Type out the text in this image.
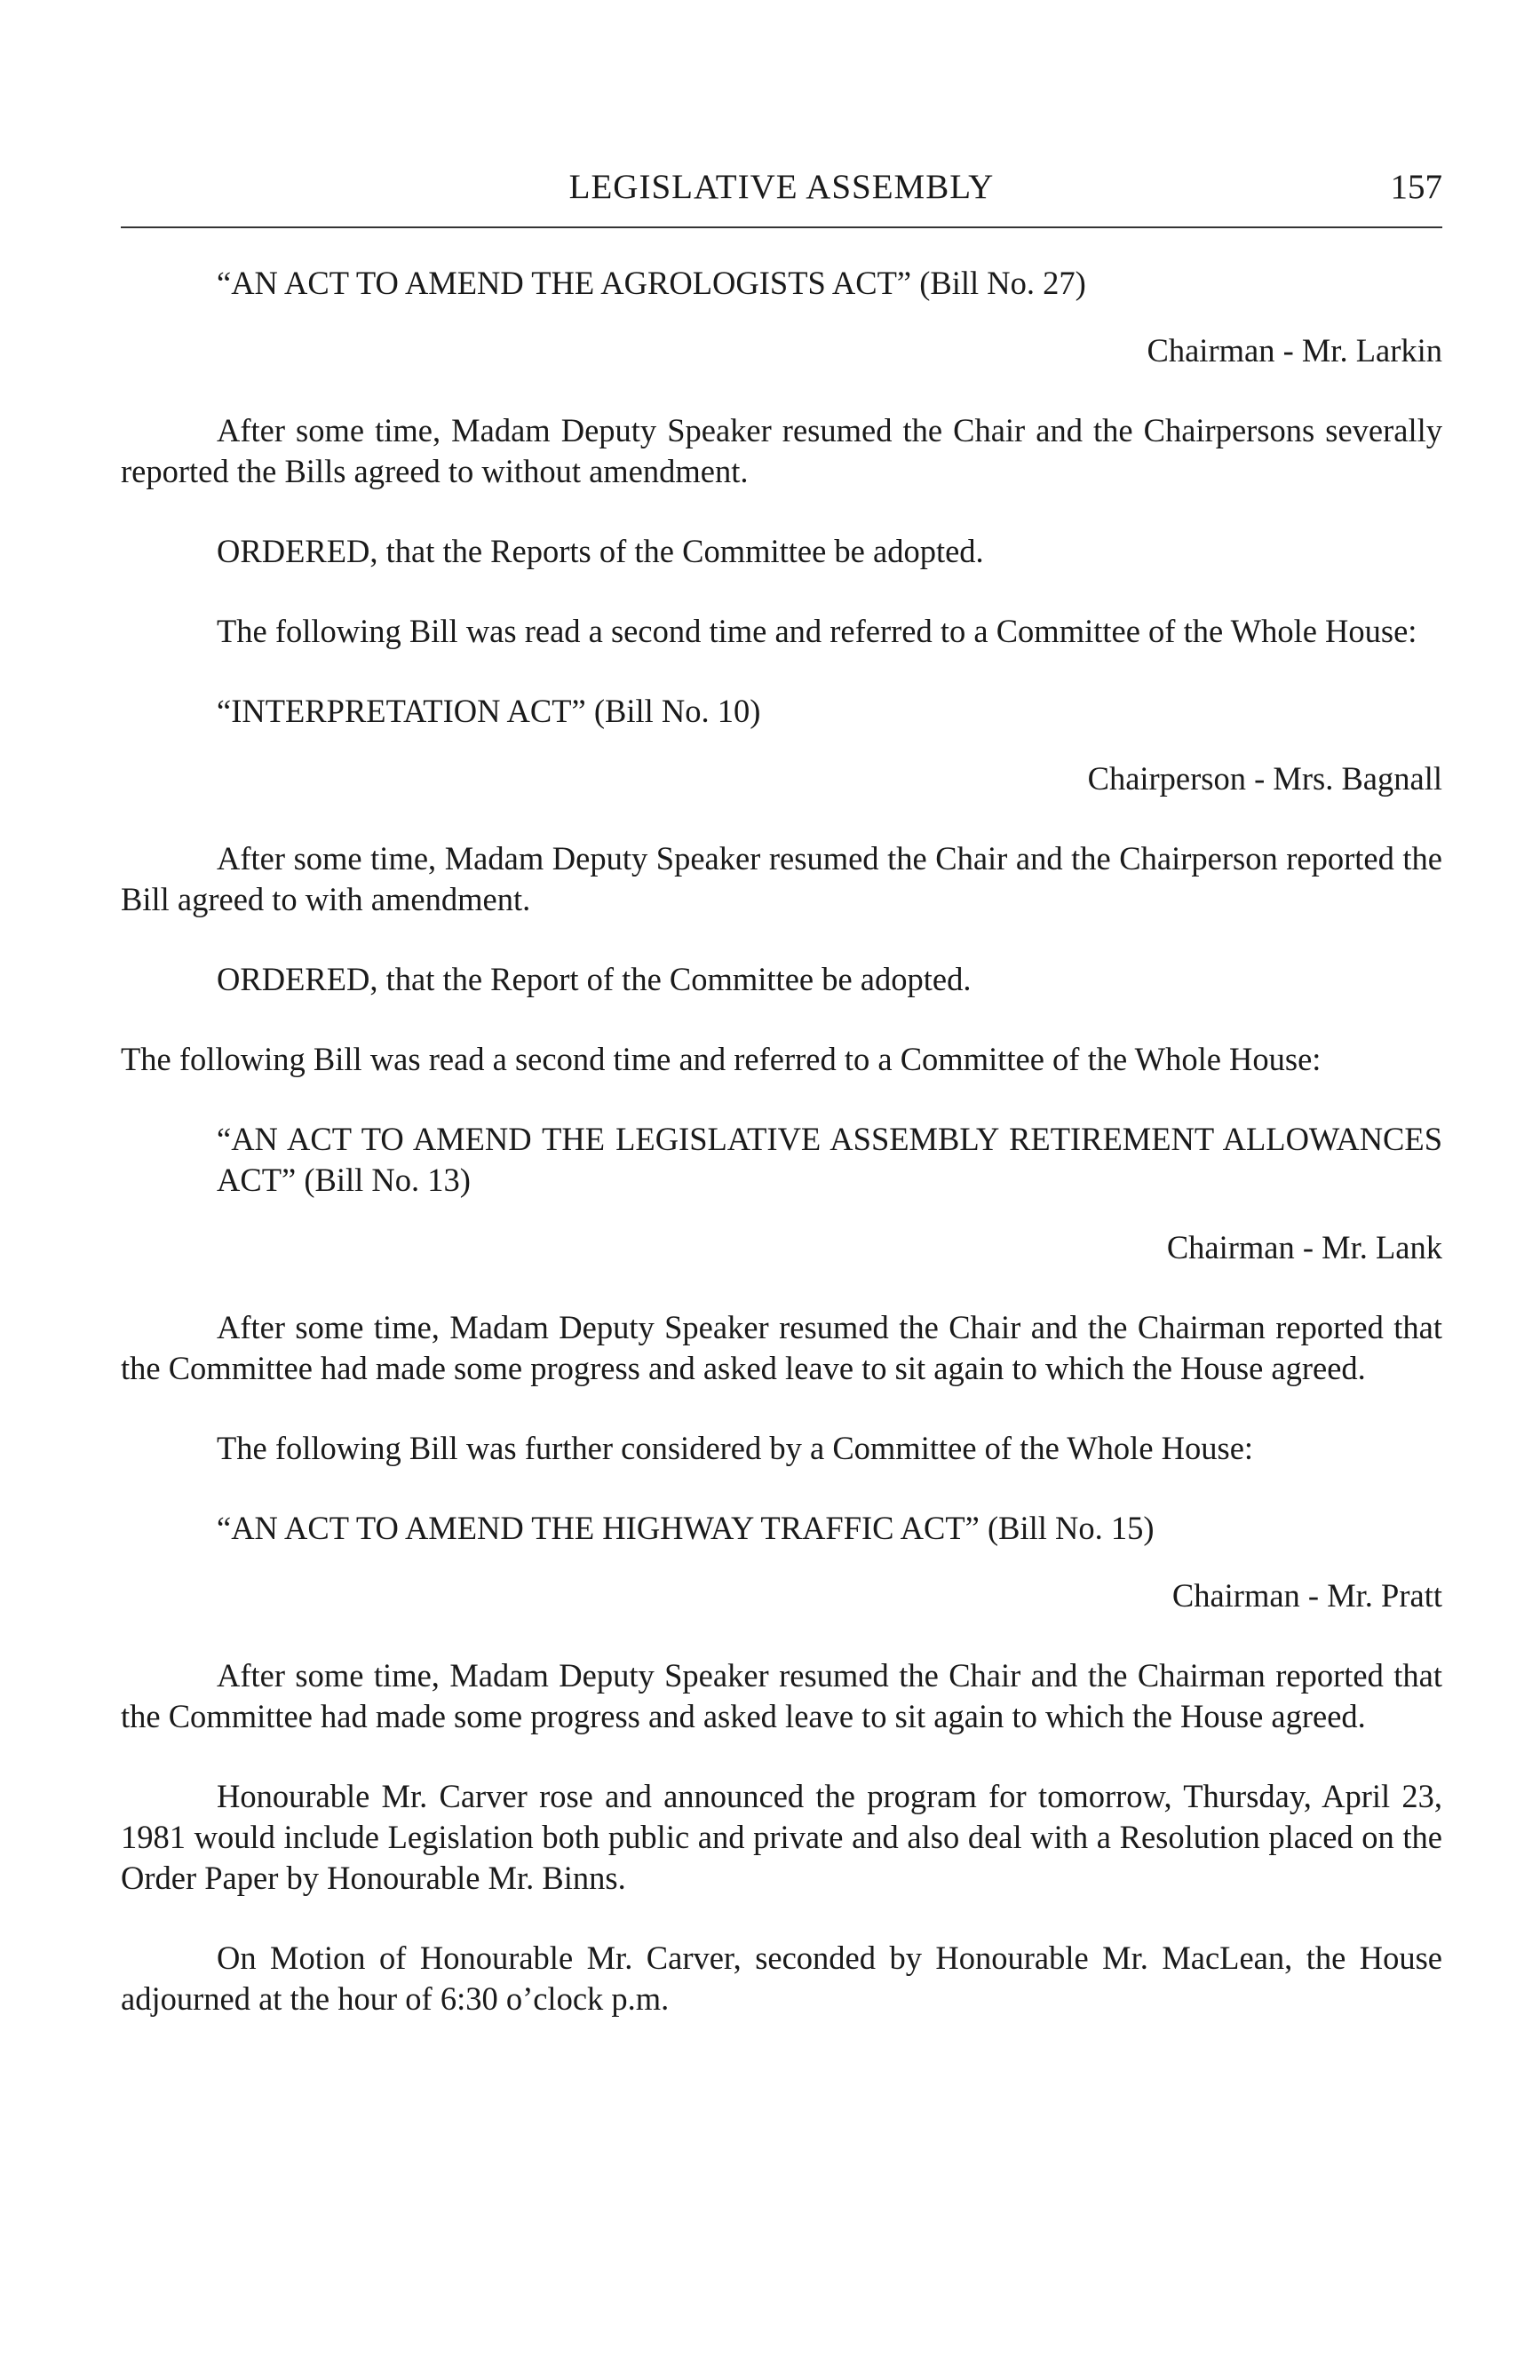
LEGISLATIVE ASSEMBLY	157

“AN ACT TO AMEND THE AGROLOGISTS ACT” (Bill No. 27)

Chairman - Mr. Larkin

After some time, Madam Deputy Speaker resumed the Chair and the Chairpersons severally reported the Bills agreed to without amendment.

ORDERED, that the Reports of the Committee be adopted.

The following Bill was read a second time and referred to a Committee of the Whole House:

“INTERPRETATION ACT” (Bill No. 10)

Chairperson - Mrs. Bagnall

After some time, Madam Deputy Speaker resumed the Chair and the Chairperson reported the Bill agreed to with amendment.

ORDERED, that the Report of the Committee be adopted.

The following Bill was read a second time and referred to a Committee of the Whole House:

“AN ACT TO AMEND THE LEGISLATIVE ASSEMBLY RETIREMENT ALLOWANCES ACT” (Bill No. 13)

Chairman - Mr. Lank

After some time, Madam Deputy Speaker resumed the Chair and the Chairman reported that the Committee had made some progress and asked leave to sit again to which the House agreed.

The following Bill was further considered by a Committee of the Whole House:

“AN ACT TO AMEND THE HIGHWAY TRAFFIC ACT” (Bill No. 15)

Chairman - Mr. Pratt

After some time, Madam Deputy Speaker resumed the Chair and the Chairman reported that the Committee had made some progress and asked leave to sit again to which the House agreed.

Honourable Mr. Carver rose and announced the program for tomorrow, Thursday, April 23, 1981 would include Legislation both public and private and also deal with a Resolution placed on the Order Paper by Honourable Mr. Binns.

On Motion of Honourable Mr. Carver, seconded by Honourable Mr. MacLean, the House adjourned at the hour of 6:30 o’clock p.m.
